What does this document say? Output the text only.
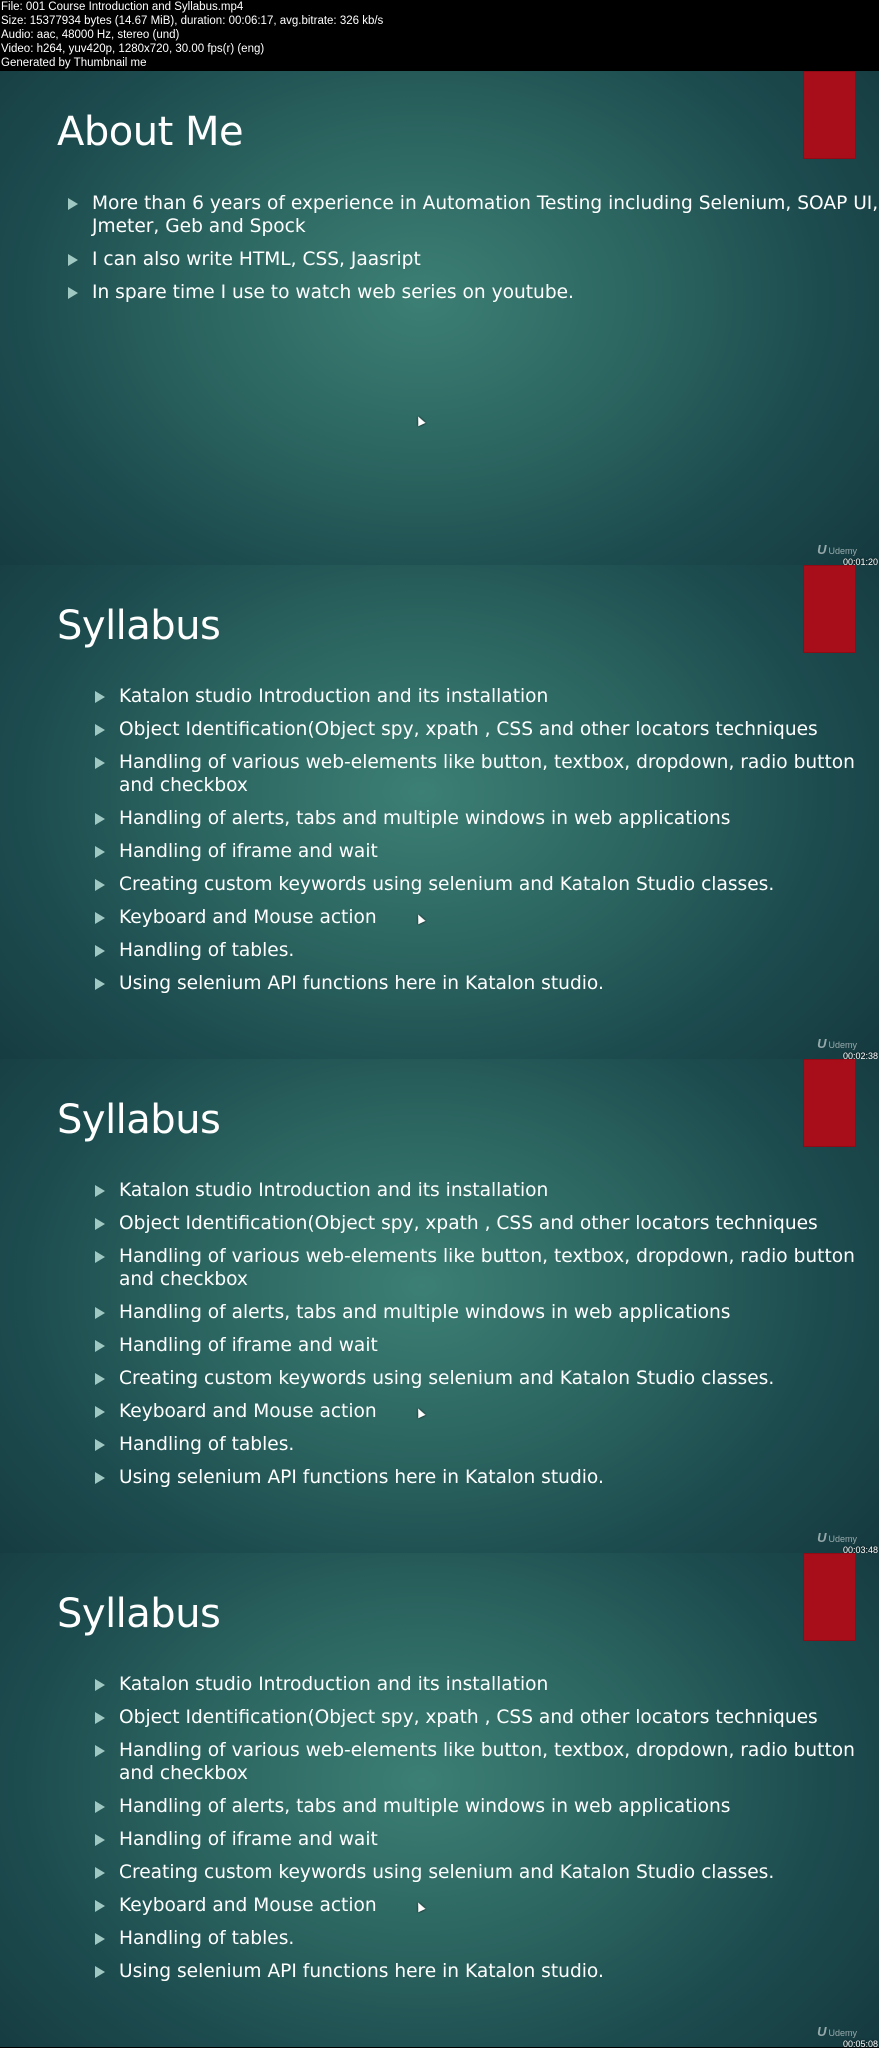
File: 001 Course Introduction and Syllabus.mp4
Size: 15377934 bytes (14.67 MiB), duration: 00:06:17, avg.bitrate: 326 kb/s
Audio: aac, 48000 Hz, stereo (und)
Video: h264, yuv420p, 1280x720, 30.00 fps(r) (eng)
Generated by Thumbnail me
About Me
More than 6 years of experience in Automation Testing including Selenium, SOAP UI, Jmeter, Geb and Spock
I can also write HTML, CSS, Jaasript
In spare time I use to watch web series on youtube.
U Udemy
00:01:20
Syllabus
Katalon studio Introduction and its installation
Object Identification(Object spy, xpath , CSS and other locators techniques
Handling of various web-elements like button, textbox, dropdown, radio button and checkbox
Handling of alerts, tabs and multiple windows in web applications
Handling of iframe and wait
Creating custom keywords using selenium and Katalon Studio classes.
Keyboard and Mouse action
Handling of tables.
Using selenium API functions here in Katalon studio.
U Udemy
00:02:38
Syllabus
Katalon studio Introduction and its installation
Object Identification(Object spy, xpath , CSS and other locators techniques
Handling of various web-elements like button, textbox, dropdown, radio button and checkbox
Handling of alerts, tabs and multiple windows in web applications
Handling of iframe and wait
Creating custom keywords using selenium and Katalon Studio classes.
Keyboard and Mouse action
Handling of tables.
Using selenium API functions here in Katalon studio.
U Udemy
00:03:48
Syllabus
Katalon studio Introduction and its installation
Object Identification(Object spy, xpath , CSS and other locators techniques
Handling of various web-elements like button, textbox, dropdown, radio button and checkbox
Handling of alerts, tabs and multiple windows in web applications
Handling of iframe and wait
Creating custom keywords using selenium and Katalon Studio classes.
Keyboard and Mouse action
Handling of tables.
Using selenium API functions here in Katalon studio.
U Udemy
00:05:08
